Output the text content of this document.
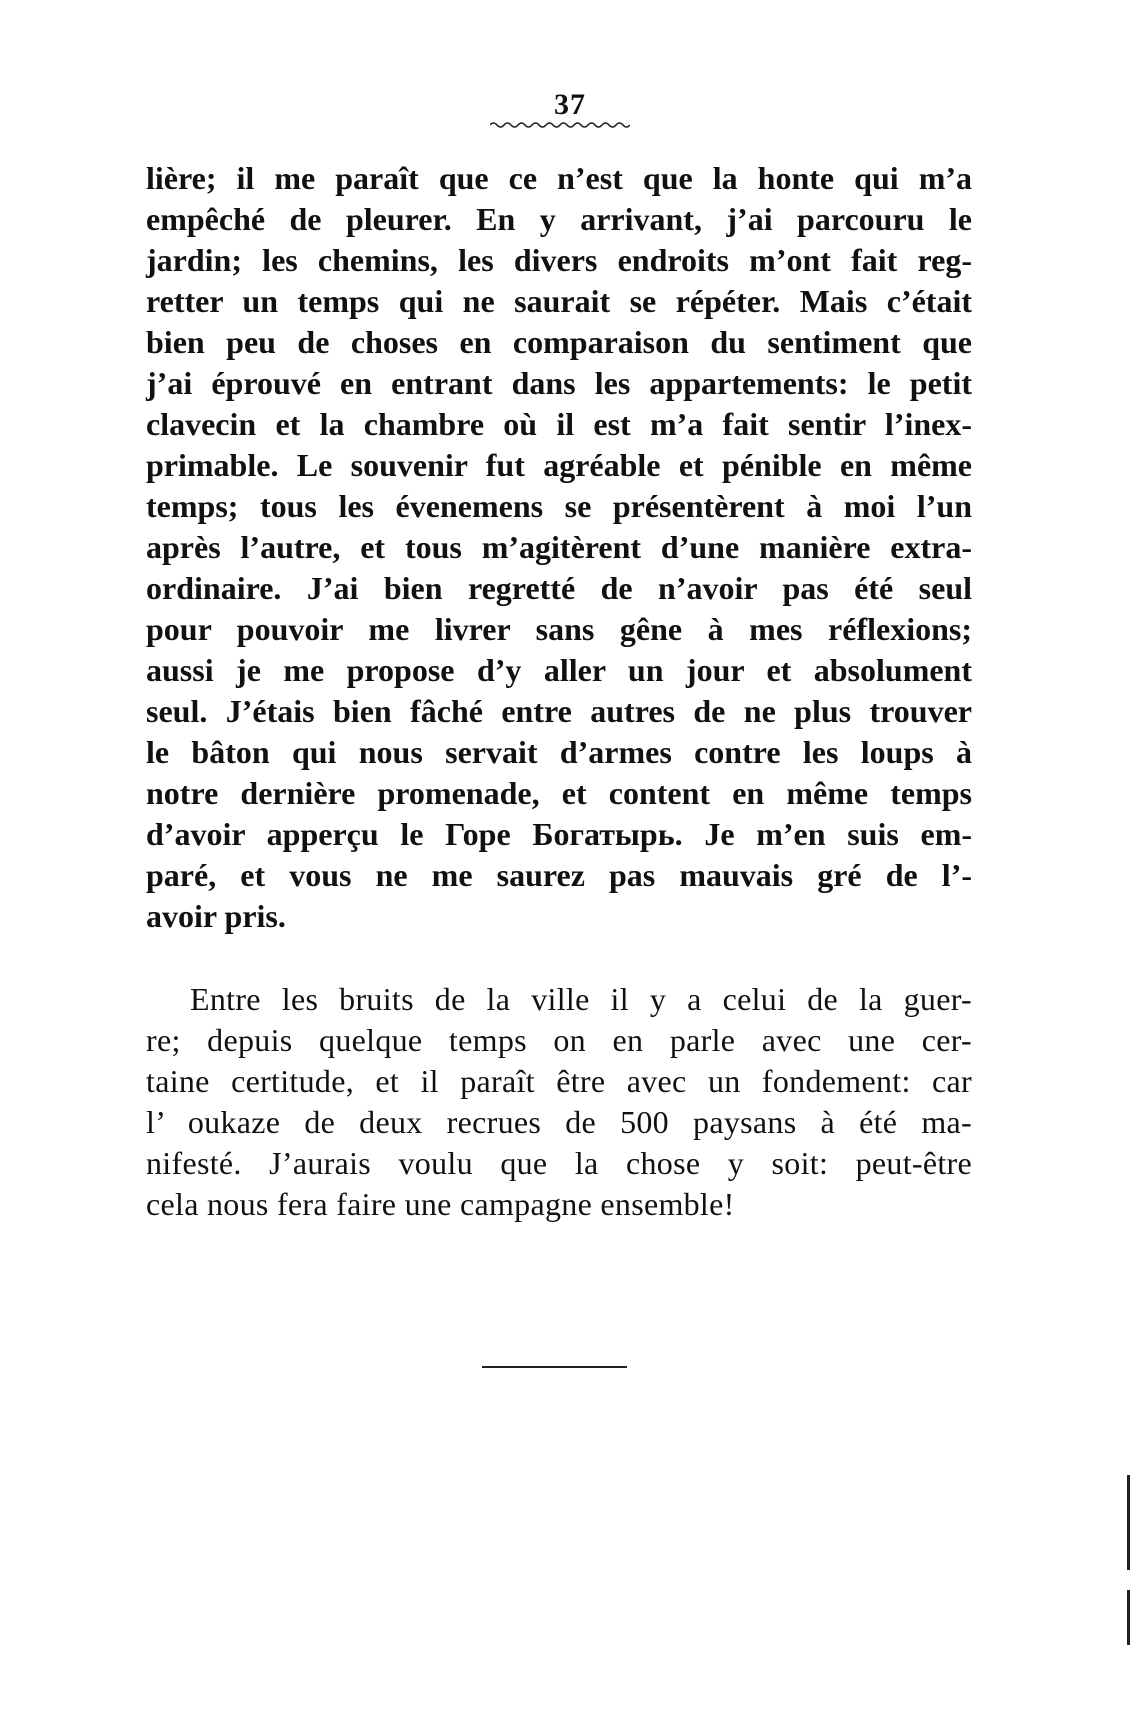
37
lière; il me paraît que ce n’est que la honte qui m’a
empêché de pleurer. En y arrivant, j’ai parcouru le
jardin; les chemins, les divers endroits m’ont fait reg-
retter un temps qui ne saurait se répéter. Mais c’était
bien peu de choses en comparaison du sentiment que
j’ai éprouvé en entrant dans les appartements: le petit
clavecin et la chambre où il est m’a fait sentir l’inex-
primable. Le souvenir fut agréable et pénible en même
temps; tous les évenemens se présentèrent à moi l’un
après l’autre, et tous m’agitèrent d’une manière extra-
ordinaire. J’ai bien regretté de n’avoir pas été seul
pour pouvoir me livrer sans gêne à mes réflexions;
aussi je me propose d’y aller un jour et absolument
seul. J’étais bien fâché entre autres de ne plus trouver
le bâton qui nous servait d’armes contre les loups à
notre dernière promenade, et content en même temps
d’avoir apperçu le Горе Богатырь. Je m’en suis em-
paré, et vous ne me saurez pas mauvais gré de l’-
avoir pris.
Entre les bruits de la ville il y a celui de la guer-
re; depuis quelque temps on en parle avec une cer-
taine certitude, et il paraît être avec un fondement: car
l’ oukaze de deux recrues de 500 paysans à été ma-
nifesté. J’aurais voulu que la chose y soit: peut-être
cela nous fera faire une campagne ensemble!
